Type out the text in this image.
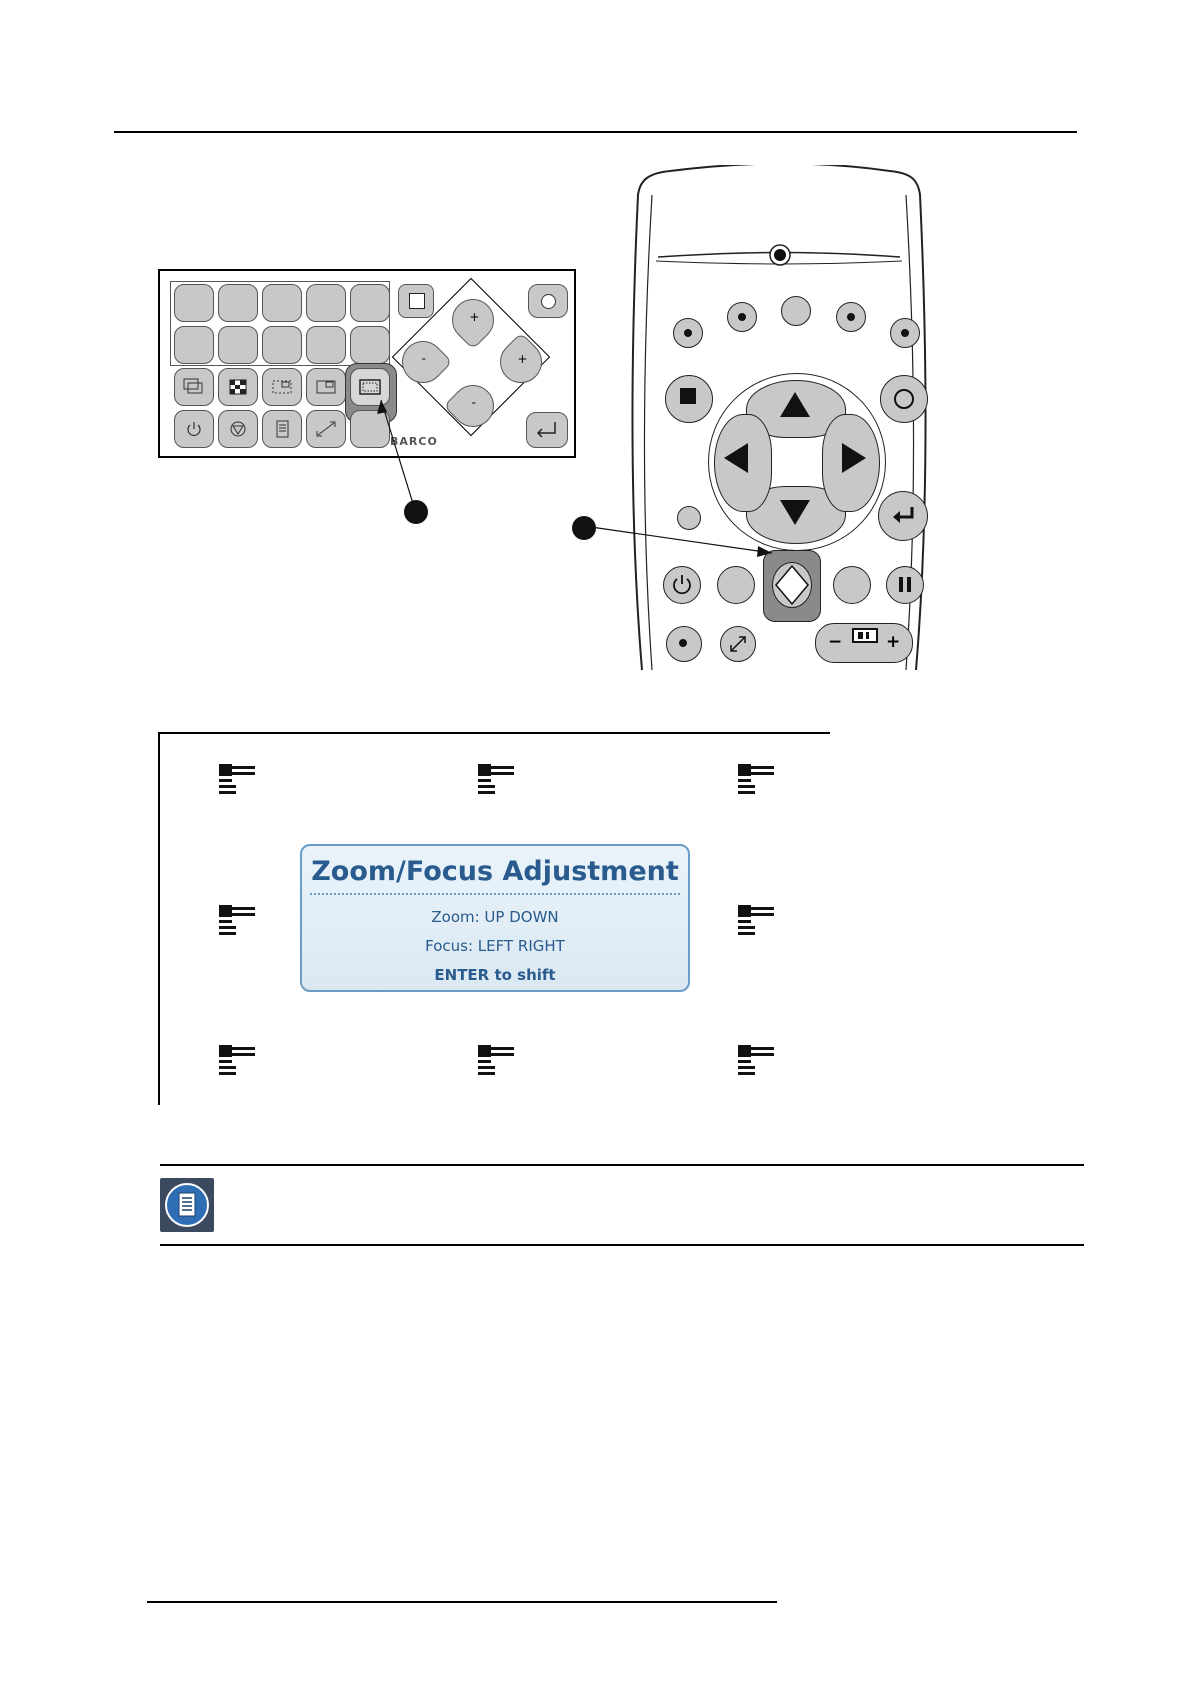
+
-	+
-
BARCO
−	+
Zoom/Focus Adjustment
Zoom: UP DOWN
Focus: LEFT RIGHT
ENTER to shift
